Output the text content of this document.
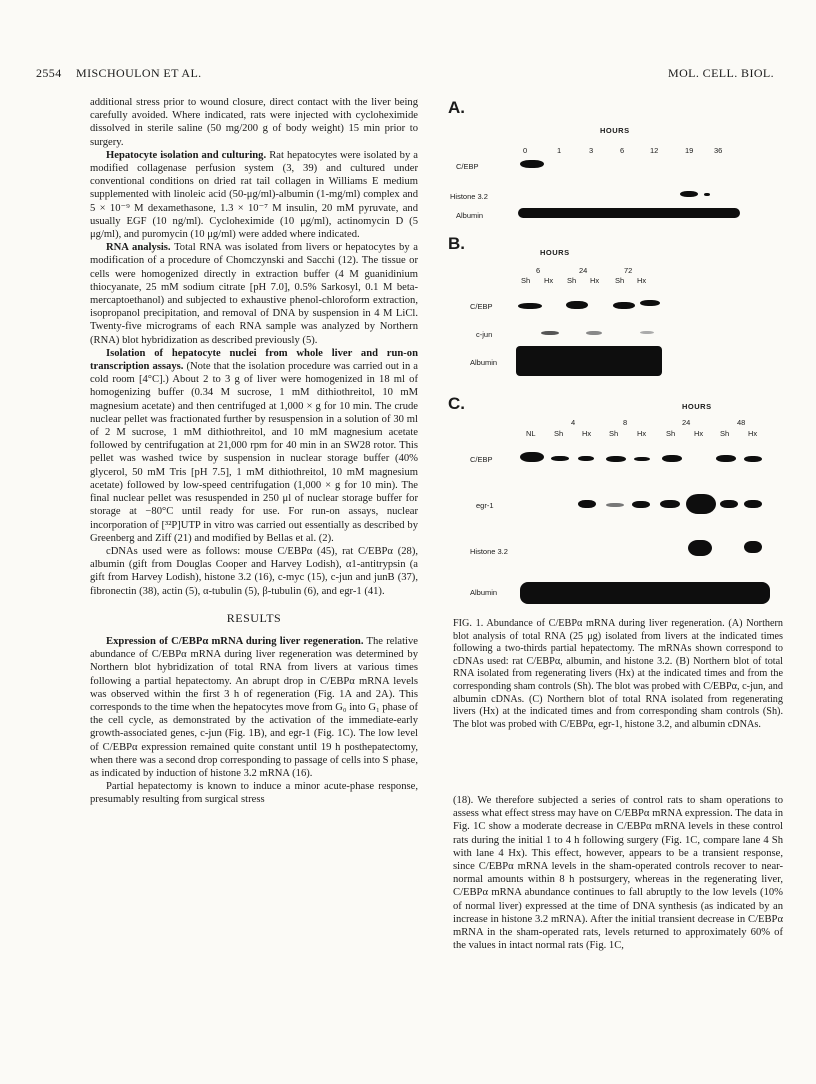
2554 MISCHOULON ET AL.	MOL. CELL. BIOL.

additional stress prior to wound closure, direct contact with the liver being carefully avoided. Where indicated, rats were injected with cycloheximide dissolved in sterile saline (50 mg/200 g of body weight) 15 min prior to surgery.

Hepatocyte isolation and culturing. Rat hepatocytes were isolated by a modified collagenase perfusion system (3, 39) and cultured under conventional conditions on dried rat tail collagen in Williams E medium supplemented with linoleic acid (50-μg/ml)-albumin (1-mg/ml) complex and 5 × 10⁻⁹ M dexamethasone, 1.3 × 10⁻⁷ M insulin, 20 mM pyruvate, and usually EGF (10 ng/ml). Cycloheximide (10 μg/ml), actinomycin D (5 μg/ml), and puromycin (10 μg/ml) were added where indicated.

RNA analysis. Total RNA was isolated from livers or hepatocytes by a modification of a procedure of Chomczynski and Sacchi (12). The tissue or cells were homogenized directly in extraction buffer (4 M guanidinium thiocyanate, 25 mM sodium citrate [pH 7.0], 0.5% Sarkosyl, 0.1 M beta-mercaptoethanol) and subjected to exhaustive phenol-chloroform extraction, isopropanol precipitation, and removal of DNA by suspension in 4 M LiCl. Twenty-five micrograms of each RNA sample was analyzed by Northern (RNA) blot hybridization as described previously (5).

Isolation of hepatocyte nuclei from whole liver and run-on transcription assays. (Note that the isolation procedure was carried out in a cold room [4°C].) About 2 to 3 g of liver were homogenized in 18 ml of homogenizing buffer (0.34 M sucrose, 1 mM dithiothreitol, 10 mM magnesium acetate) and then centrifuged at 1,000 × g for 10 min. The crude nuclear pellet was fractionated further by resuspension in a solution of 30 ml of 2 M sucrose, 1 mM dithiothreitol, and 10 mM magnesium acetate followed by centrifugation at 21,000 rpm for 40 min in an SW28 rotor. This pellet was washed twice by suspension in nuclear storage buffer (40% glycerol, 50 mM Tris [pH 7.5], 1 mM dithiothreitol, 10 mM magnesium acetate) followed by low-speed centrifugation (1,000 × g for 10 min). The final nuclear pellet was resuspended in 250 μl of nuclear storage buffer for storage at −80°C until ready for use. For run-on assays, nuclear incorporation of [³²P]UTP in vitro was carried out essentially as described by Greenberg and Ziff (21) and modified by Bellas et al. (2).

cDNAs used were as follows: mouse C/EBPα (45), rat C/EBPα (28), albumin (gift from Douglas Cooper and Harvey Lodish), α1-antitrypsin (a gift from Harvey Lodish), histone 3.2 (16), c-myc (15), c-jun and junB (37), fibronectin (38), actin (5), α-tubulin (5), β-tubulin (6), and egr-1 (41).

RESULTS

Expression of C/EBPα mRNA during liver regeneration. The relative abundance of C/EBPα mRNA during liver regeneration was determined by Northern blot hybridization of total RNA from livers at various times following a partial hepatectomy. An abrupt drop in C/EBPα mRNA levels was observed within the first 3 h of regeneration (Fig. 1A and 2A). This corresponds to the time when the hepatocytes move from G₀ into G₁ phase of the cell cycle, as demonstrated by the activation of the immediate-early growth-associated genes, c-jun (Fig. 1B), and egr-1 (Fig. 1C). The low level of C/EBPα expression remained quite constant until 19 h posthepatectomy, when there was a second drop corresponding to passage of cells into S phase, as indicated by induction of histone 3.2 mRNA (16).

Partial hepatectomy is known to induce a minor acute-phase response, presumably resulting from surgical stress

A.
HOURS
0	1	3	6	12	19	36
C/EBP
Histone 3.2
Albumin
B.	HOURS
6	24	72
Sh Hx Sh Hx Sh Hx
C/EBP
c-jun
Albumin
C.	HOURS
4	8	24	48
NL Sh	Hx Sh	Hx	Sh	Hx Sh	Hx
C/EBP
egr-1
Histone 3.2
Albumin
FIG. 1. Abundance of C/EBPα mRNA during liver regeneration. (A) Northern blot analysis of total RNA (25 μg) isolated from livers at the indicated times following a two-thirds partial hepatectomy. The mRNAs shown correspond to cDNAs used: rat C/EBPα, albumin, and histone 3.2. (B) Northern blot of total RNA isolated from regenerating livers (Hx) at the indicated times and from the corresponding sham controls (Sh). The blot was probed with C/EBPα, c-jun, and albumin cDNAs. (C) Northern blot of total RNA isolated from regenerating livers (Hx) at the indicated times and from corresponding sham controls (Sh). The blot was probed with C/EBPα, egr-1, histone 3.2, and albumin cDNAs.

(18). We therefore subjected a series of control rats to sham operations to assess what effect stress may have on C/EBPα mRNA expression. The data in Fig. 1C show a moderate decrease in C/EBPα mRNA levels in these control rats during the initial 1 to 4 h following surgery (Fig. 1C, compare lane 4 Sh with lane 4 Hx). This effect, however, appears to be a transient response, since C/EBPα mRNA levels in the sham-operated controls recover to near-normal amounts within 8 h postsurgery, whereas in the regenerating liver, C/EBPα mRNA abundance continues to fall abruptly to the low levels (10% of normal liver) expressed at the time of DNA synthesis (as indicated by an increase in histone 3.2 mRNA). After the initial transient decrease in C/EBPα mRNA in the sham-operated rats, levels returned to approximately 60% of the values in intact normal rats (Fig. 1C,
